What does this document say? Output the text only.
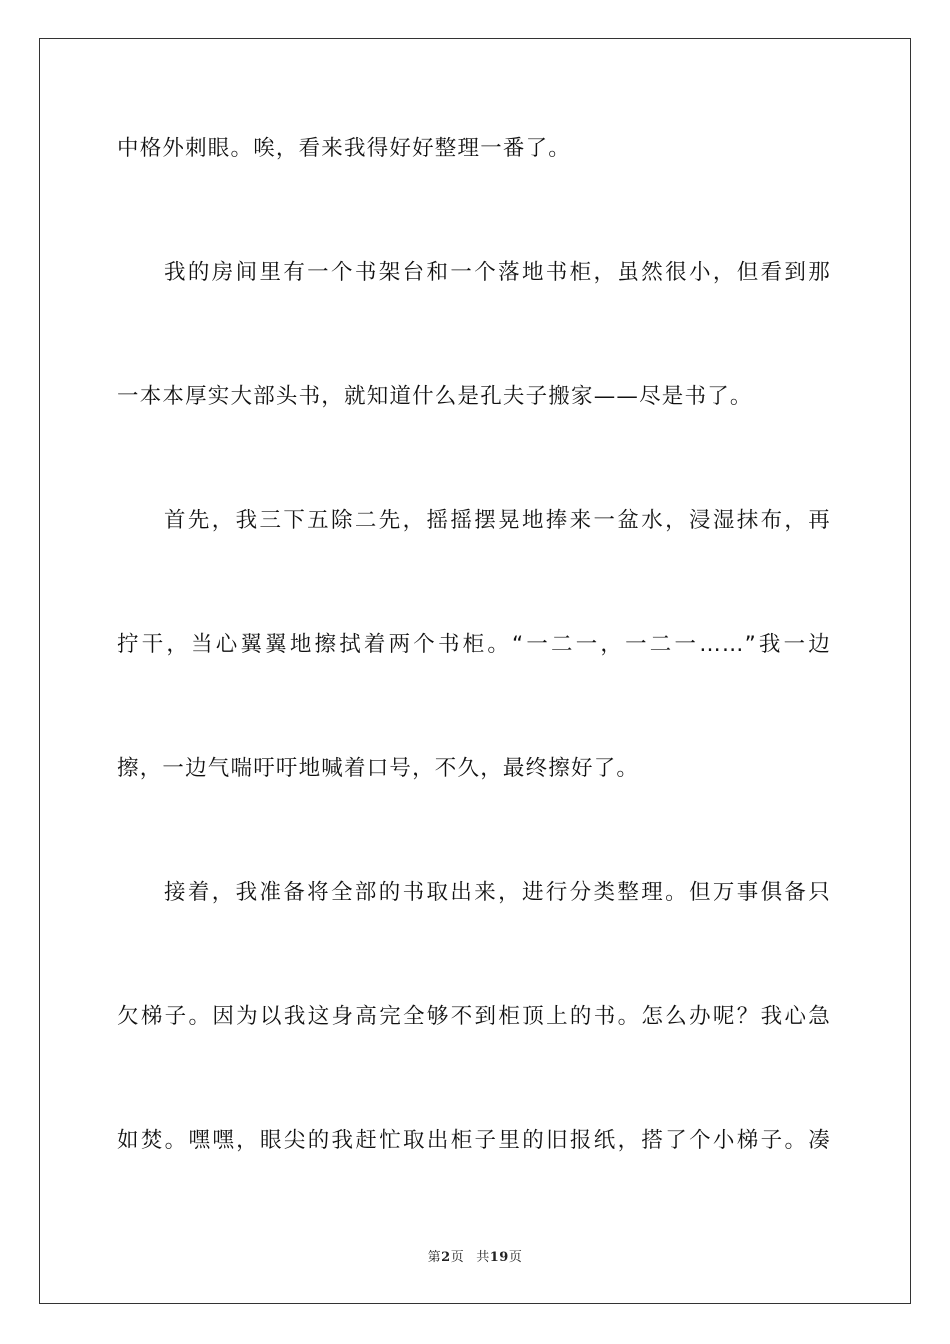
中格外刺眼。唉，看来我得好好整理一番了。
我的房间里有一个书架台和一个落地书柜，虽然很小，但看到那
一本本厚实大部头书，就知道什么是孔夫子搬家——尽是书了。
首先，我三下五除二先，摇摇摆晃地捧来一盆水，浸湿抹布，再
拧干，当心翼翼地擦拭着两个书柜。“一二一，一二一……”我一边
擦，一边气喘吁吁地喊着口号，不久，最终擦好了。
接着，我准备将全部的书取出来，进行分类整理。但万事俱备只
欠梯子。因为以我这身高完全够不到柜顶上的书。怎么办呢？我心急
如焚。嘿嘿，眼尖的我赶忙取出柜子里的旧报纸，搭了个小梯子。凑
第2页 共19页
